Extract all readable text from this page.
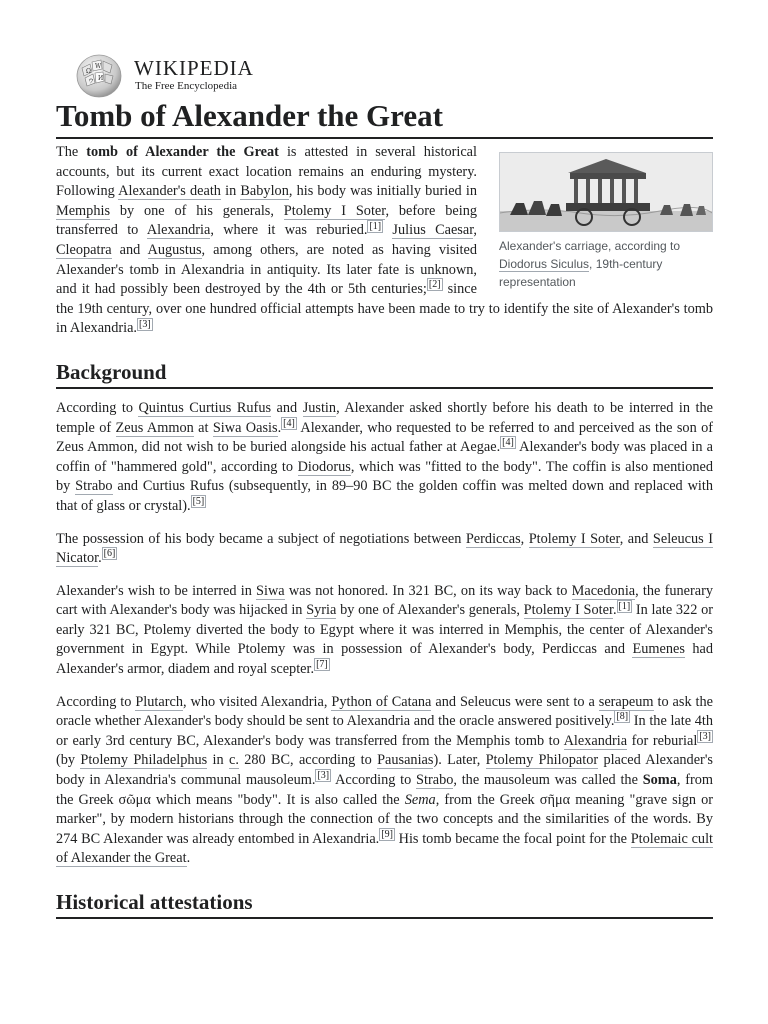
Ω
W
И
ウ
WIKIPEDIA
The Free Encyclopedia
Tomb of Alexander the Great
Alexander's carriage, according to Diodorus Siculus, 19th-century representation

The tomb of Alexander the Great is attested in several historical accounts, but its current exact location remains an enduring mystery. Following Alexander's death in Babylon, his body was initially buried in Memphis by one of his generals, Ptolemy I Soter, before being transferred to Alexandria, where it was reburied. [1] Julius Caesar, Cleopatra and Augustus, among others, are noted as having visited Alexander's tomb in Alexandria in antiquity. Its later fate is unknown, and it had possibly been destroyed by the 4th or 5th centuries; [2] since the 19th century, over one hundred official attempts have been made to try to identify the site of Alexander's tomb in Alexandria. [3]

Background

According to Quintus Curtius Rufus and Justin, Alexander asked shortly before his death to be interred in the temple of Zeus Ammon at Siwa Oasis. [4] Alexander, who requested to be referred to and perceived as the son of Zeus Ammon, did not wish to be buried alongside his actual father at Aegae. [4] Alexander's body was placed in a coffin of "hammered gold", according to Diodorus, which was "fitted to the body". The coffin is also mentioned by Strabo and Curtius Rufus (subsequently, in 89–90 BC the golden coffin was melted down and replaced with that of glass or crystal). [5]

The possession of his body became a subject of negotiations between Perdiccas, Ptolemy I Soter, and Seleucus I Nicator. [6]

Alexander's wish to be interred in Siwa was not honored. In 321 BC, on its way back to Macedonia, the funerary cart with Alexander's body was hijacked in Syria by one of Alexander's generals, Ptolemy I Soter. [1] In late 322 or early 321 BC, Ptolemy diverted the body to Egypt where it was interred in Memphis, the center of Alexander's government in Egypt. While Ptolemy was in possession of Alexander's body, Perdiccas and Eumenes had Alexander's armor, diadem and royal scepter. [7]

According to Plutarch, who visited Alexandria, Python of Catana and Seleucus were sent to a serapeum to ask the oracle whether Alexander's body should be sent to Alexandria and the oracle answered positively. [8] In the late 4th or early 3rd century BC, Alexander's body was transferred from the Memphis tomb to Alexandria for reburial [3] (by Ptolemy Philadelphus in c. 280 BC, according to Pausanias). Later, Ptolemy Philopator placed Alexander's body in Alexandria's communal mausoleum. [3] According to Strabo, the mausoleum was called the Soma, from the Greek σῶμα which means "body". It is also called the Sema, from the Greek σῆμα meaning "grave sign or marker", by modern historians through the connection of the two concepts and the similarities of the words. By 274 BC Alexander was already entombed in Alexandria. [9] His tomb became the focal point for the Ptolemaic cult of Alexander the Great.

Historical attestations
